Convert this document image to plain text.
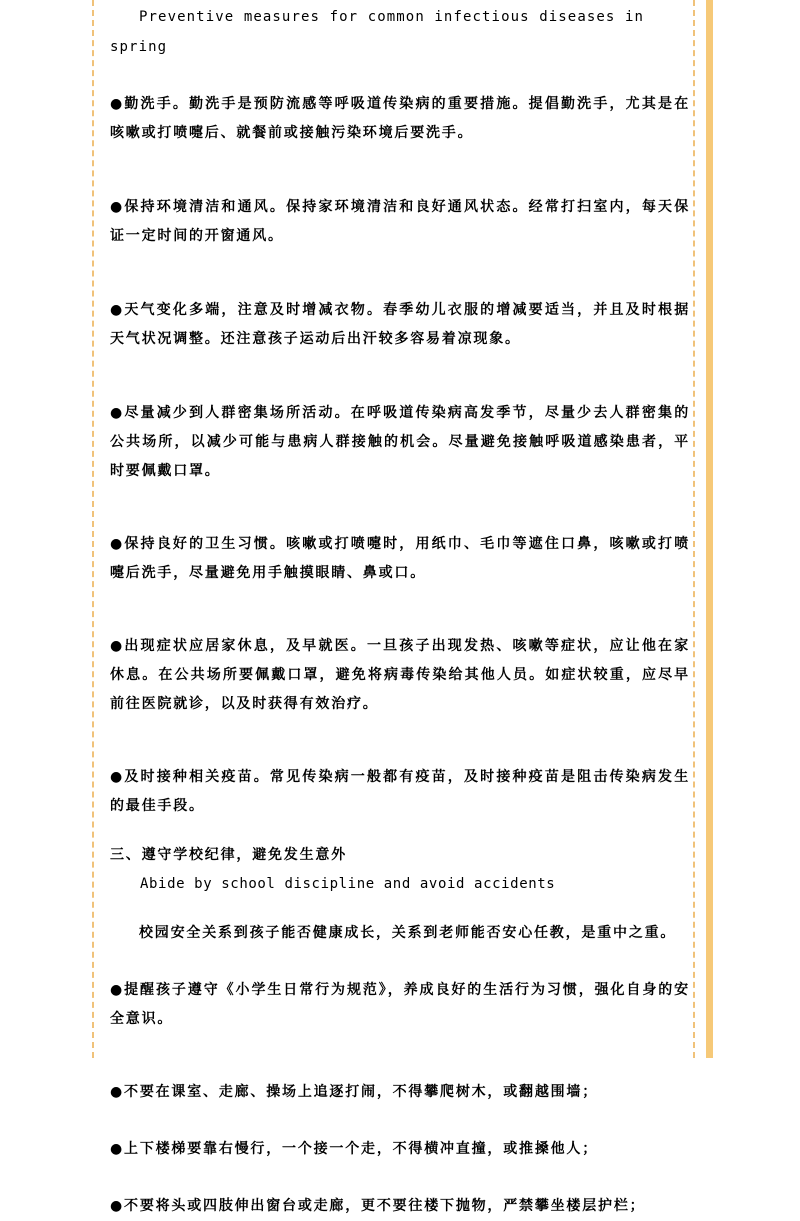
Preventive measures for common infectious diseases in spring

●勤洗手。勤洗手是预防流感等呼吸道传染病的重要措施。提倡勤洗手，尤其是在咳嗽或打喷嚏后、就餐前或接触污染环境后要洗手。

●保持环境清洁和通风。保持家环境清洁和良好通风状态。经常打扫室内，每天保证一定时间的开窗通风。

●天气变化多端，注意及时增减衣物。春季幼儿衣服的增减要适当，并且及时根据天气状况调整。还注意孩子运动后出汗较多容易着凉现象。

●尽量减少到人群密集场所活动。在呼吸道传染病高发季节，尽量少去人群密集的公共场所，以减少可能与患病人群接触的机会。尽量避免接触呼吸道感染患者，平时要佩戴口罩。

●保持良好的卫生习惯。咳嗽或打喷嚏时，用纸巾、毛巾等遮住口鼻，咳嗽或打喷嚏后洗手，尽量避免用手触摸眼睛、鼻或口。

●出现症状应居家休息，及早就医。一旦孩子出现发热、咳嗽等症状，应让他在家休息。在公共场所要佩戴口罩，避免将病毒传染给其他人员。如症状较重，应尽早前往医院就诊，以及时获得有效治疗。

●及时接种相关疫苗。常见传染病一般都有疫苗，及时接种疫苗是阻击传染病发生的最佳手段。

三、遵守学校纪律，避免发生意外

Abide by school discipline and avoid accidents

校园安全关系到孩子能否健康成长，关系到老师能否安心任教，是重中之重。

●提醒孩子遵守《小学生日常行为规范》，养成良好的生活行为习惯，强化自身的安全意识。

●不要在课室、走廊、操场上追逐打闹，不得攀爬树木，或翻越围墙；

●上下楼梯要靠右慢行，一个接一个走，不得横冲直撞，或推搡他人；

●不要将头或四肢伸出窗台或走廊，更不要往楼下抛物，严禁攀坐楼层护栏；
